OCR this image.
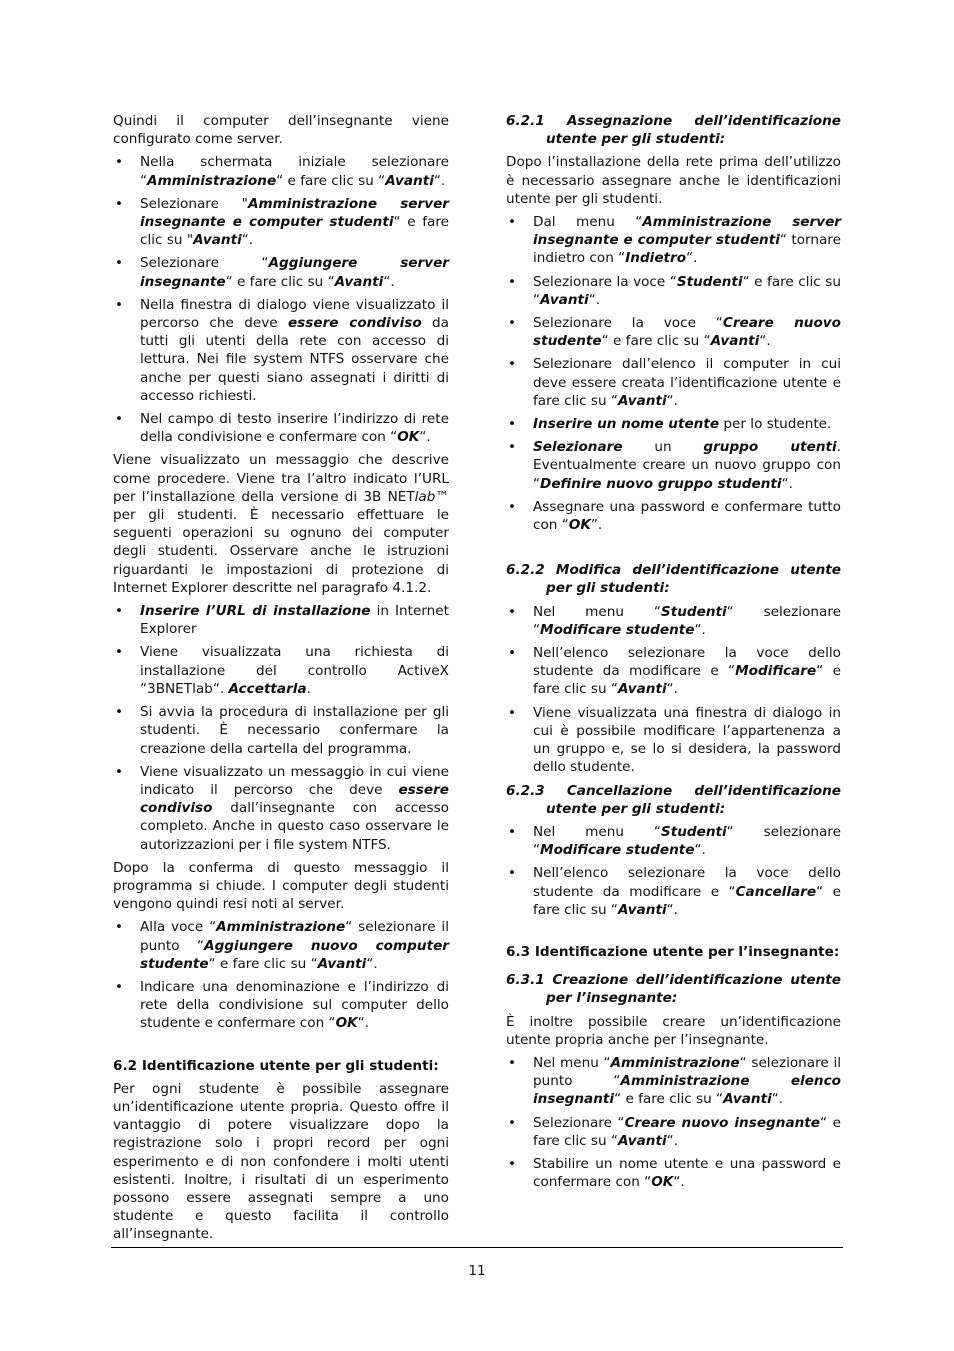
Quindi il computer dell’insegnante viene configurato come server.

• Nella schermata iniziale selezionare “Amministrazione“ e fare clic su “Avanti“.
• Selezionare "Amministrazione server insegnante e computer studenti“ e fare clic su "Avanti“.
• Selezionare “Aggiungere server insegnante“ e fare clic su “Avanti“.
• Nella finestra di dialogo viene visualizzato il percorso che deve essere condiviso da tutti gli utenti della rete con accesso di lettura. Nei file system NTFS osservare che anche per questi siano assegnati i diritti di accesso richiesti.
• Nel campo di testo inserire l’indirizzo di rete della condivisione e confermare con “OK“.

Viene visualizzato un messaggio che descrive come procedere. Viene tra l’altro indicato l’URL per l’installazione della versione di 3B NETlab™ per gli studenti. È necessario effettuare le seguenti operazioni su ognuno dei computer degli studenti. Osservare anche le istruzioni riguardanti le impostazioni di protezione di Internet Explorer descritte nel paragrafo 4.1.2.

• Inserire l’URL di installazione in Internet Explorer
• Viene visualizzata una richiesta di installazione del controllo ActiveX “3BNETlab“. Accettarla.
• Si avvia la procedura di installazione per gli studenti. È necessario confermare la creazione della cartella del programma.
• Viene visualizzato un messaggio in cui viene indicato il percorso che deve essere condiviso dall’insegnante con accesso completo. Anche in questo caso osservare le autorizzazioni per i file system NTFS.

Dopo la conferma di questo messaggio il programma si chiude. I computer degli studenti vengono quindi resi noti al server.

• Alla voce “Amministrazione“ selezionare il punto “Aggiungere nuovo computer studente“ e fare clic su “Avanti“.
• Indicare una denominazione e l’indirizzo di rete della condivisione sul computer dello studente e confermare con “OK“.
6.2 Identificazione utente per gli studenti:

Per ogni studente è possibile assegnare un’identificazione utente propria. Questo offre il vantaggio di potere visualizzare dopo la registrazione solo i propri record per ogni esperimento e di non confondere i molti utenti esistenti. Inoltre, i risultati di un esperimento possono essere assegnati sempre a uno studente e questo facilita il controllo all’insegnante.

6.2.1 Assegnazione dell’identificazione utente per gli studenti:

Dopo l’installazione della rete prima dell’utilizzo è necessario assegnare anche le identificazioni utente per gli studenti.

• Dal menu “Amministrazione server insegnante e computer studenti“ tornare indietro con “Indietro“.
• Selezionare la voce “Studenti“ e fare clic su “Avanti“.
• Selezionare la voce “Creare nuovo studente“ e fare clic su “Avanti“.
• Selezionare dall’elenco il computer in cui deve essere creata l’identificazione utente e fare clic su “Avanti“.
• Inserire un nome utente per lo studente.
• Selezionare un gruppo utenti. Eventualmente creare un nuovo gruppo con “Definire nuovo gruppo studenti“.
• Assegnare una password e confermare tutto con “OK”.
6.2.2 Modifica dell’identificazione utente per gli studenti:
• Nel menu “Studenti“ selezionare “Modificare studente“.
• Nell’elenco selezionare la voce dello studente da modificare e “Modificare“ e fare clic su “Avanti“.
• Viene visualizzata una finestra di dialogo in cui è possibile modificare l’appartenenza a un gruppo e, se lo si desidera, la password dello studente.
6.2.3 Cancellazione dell’identificazione utente per gli studenti:
• Nel menu “Studenti“ selezionare “Modificare studente“.
• Nell’elenco selezionare la voce dello studente da modificare e “Cancellare“ e fare clic su “Avanti“.
6.3 Identificazione utente per l’insegnante:
6.3.1 Creazione dell’identificazione utente per l’insegnante:

È inoltre possibile creare un’identificazione utente propria anche per l’insegnante.

• Nel menu “Amministrazione“ selezionare il punto “Amministrazione elenco insegnanti“ e fare clic su “Avanti“.
• Selezionare “Creare nuovo insegnante“ e fare clic su “Avanti“.
• Stabilire un nome utente e una password e confermare con “OK“.
11
